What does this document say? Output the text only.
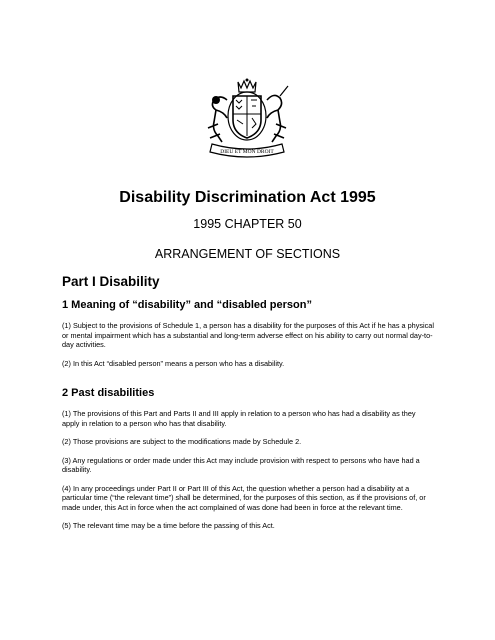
DIEU ET MON DROIT
Disability Discrimination Act 1995
1995 CHAPTER 50
ARRANGEMENT OF SECTIONS
Part I Disability
1 Meaning of “disability” and “disabled person”

(1) Subject to the provisions of Schedule 1, a person has a disability for the purposes of this Act if he has a physical or mental impairment which has a substantial and long-term adverse effect on his ability to carry out normal day-to-day activities.

(2) In this Act “disabled person” means a person who has a disability.

2 Past disabilities

(1) The provisions of this Part and Parts II and III apply in relation to a person who has had a disability as they apply in relation to a person who has that disability.

(2) Those provisions are subject to the modifications made by Schedule 2.

(3) Any regulations or order made under this Act may include provision with respect to persons who have had a disability.

(4) In any proceedings under Part II or Part III of this Act, the question whether a person had a disability at a particular time (“the relevant time”) shall be determined, for the purposes of this section, as if the provisions of, or made under, this Act in force when the act complained of was done had been in force at the relevant time.

(5) The relevant time may be a time before the passing of this Act.
